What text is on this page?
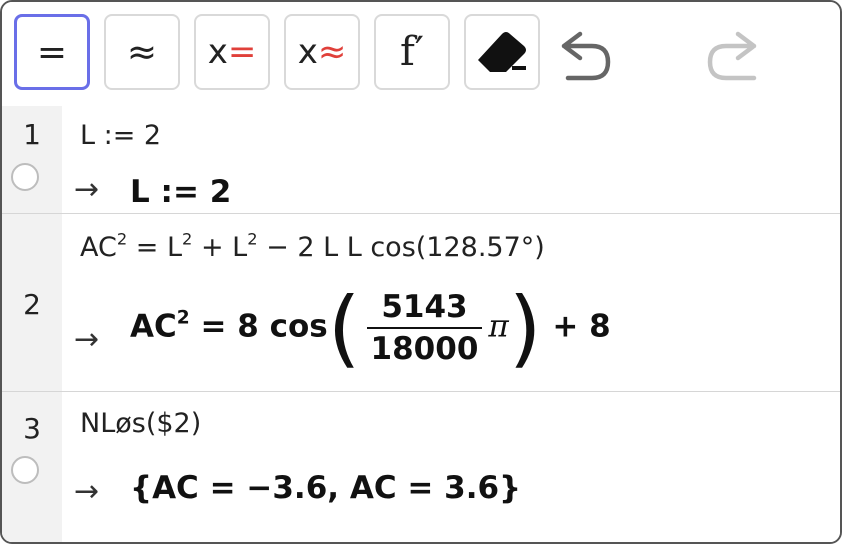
= ≈ x= x≈ f′
1	L := 2
→ L := 2
2
$AC^2 = L^2 + L^2 - 2$ L L cos(128.57°)
→ $AC^2 = 8$ $\cos( \frac{5143}{18000} \pi) + 8$
3	NLøs($2)
→ {AC = −3.6, AC = 3.6}
